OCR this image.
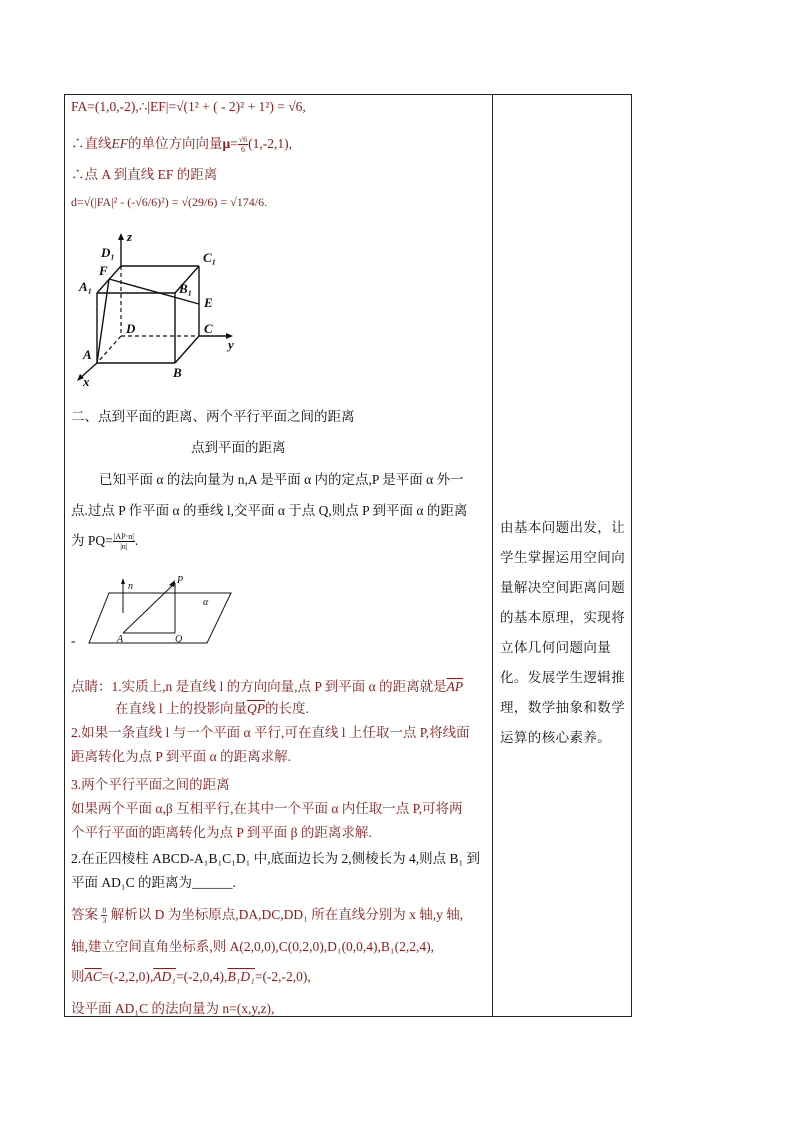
FA=(1,0,-2),∴|EF|=√(1² + ( - 2)² + 1²) = √6,
∴直线EF的单位方向向量$\mu= \frac{√6}{6} (1,-2,1)$,
∴点 A 到直线 EF 的距离
d=√(|FA|² - (-√6/6)²) = √(29/6) = √174/6.
D₁
z
C₁
F
A₁	B₁
E
D	C
y
A
B
x
二、点到平面的距离、两个平行平面之间的距离
点到平面的距离
已知平面 α 的法向量为 n,A 是平面 α 内的定点,P 是平面 α 外一
点.过点 P 作平面 α 的垂线 l,交平面 α 于点 Q,则点 P 到平面 α 的距离
为 $PQ= \frac{|AP\cdot n|}{|n|}$ .
n
P
α
A	Q
-
点睛：1.实质上,n 是直线 l 的方向向量,点 P 到平面 α 的距离就是$\overline{AP}$
在直线 l 上的投影向量$\overline{QP}$的长度.
2.如果一条直线 l 与一个平面 α 平行,可在直线 l 上任取一点 P,将线面
距离转化为点 P 到平面 α 的距离求解.
3.两个平行平面之间的距离
如果两个平面 α,β 互相平行,在其中一个平面 α 内任取一点 P,可将两
个平行平面的距离转化为点 P 到平面 β 的距离求解.
2.在正四棱柱 ABCD-A₁B₁C₁D₁ 中,底面边长为 2,侧棱长为 4,则点 B₁ 到
平面 AD₁C 的距离为______.
答案 $\frac{8}{3}$ 解析以 D 为坐标原点,DA,DC,DD₁ 所在直线分别为 x 轴,y 轴,
轴,建立空间直角坐标系,则 A(2,0,0),C(0,2,0),D₁(0,0,4),B₁(2,2,4),
则$\overline{AC}=(-2,2,0),AD_1=(-2,0,4),B_1D_1=(-2,-2,0)$,
设平面 AD₁C 的法向量为 n=(x,y,z),
由基本问题出发，让学生掌握运用空间向量解决空间距离问题的基本原理，实现将立体几何问题向量化。发展学生逻辑推理，数学抽象和数学运算的核心素养。
